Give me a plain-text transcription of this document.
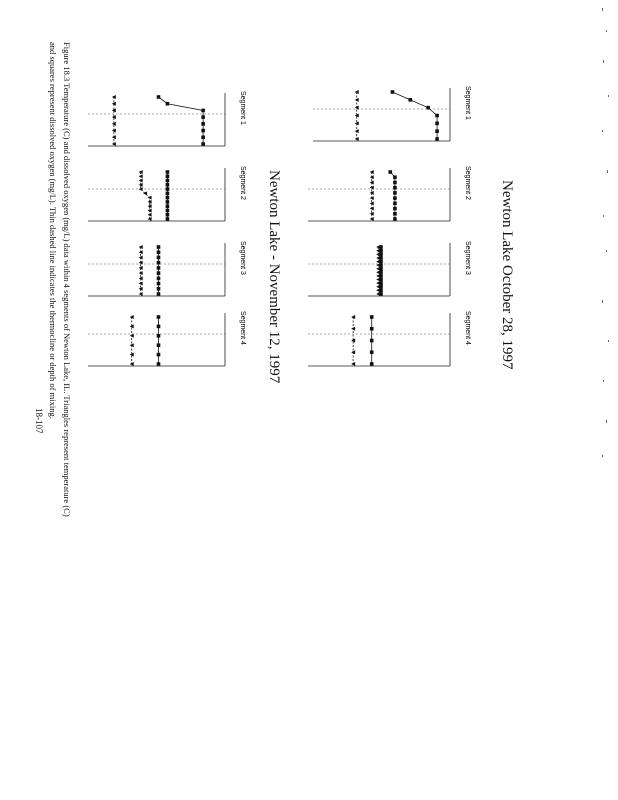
Newton Lake October 28, 1997
Newton Lake - November 12, 1997
Figure 18.3 Temperature (C) and dissolved oxygen (mg/L) data within 4 segments of Newton Lake, IL. Triangles represent temperature (C)
and squares represent dissolved oxygen (mg/L). Thin dashed line indicates the thermocline or depth of mixing.
18-107
Segment 1
Segment 2
Segment 3
Segment 4
Segment 1
Segment 2
Segment 3
Segment 4
